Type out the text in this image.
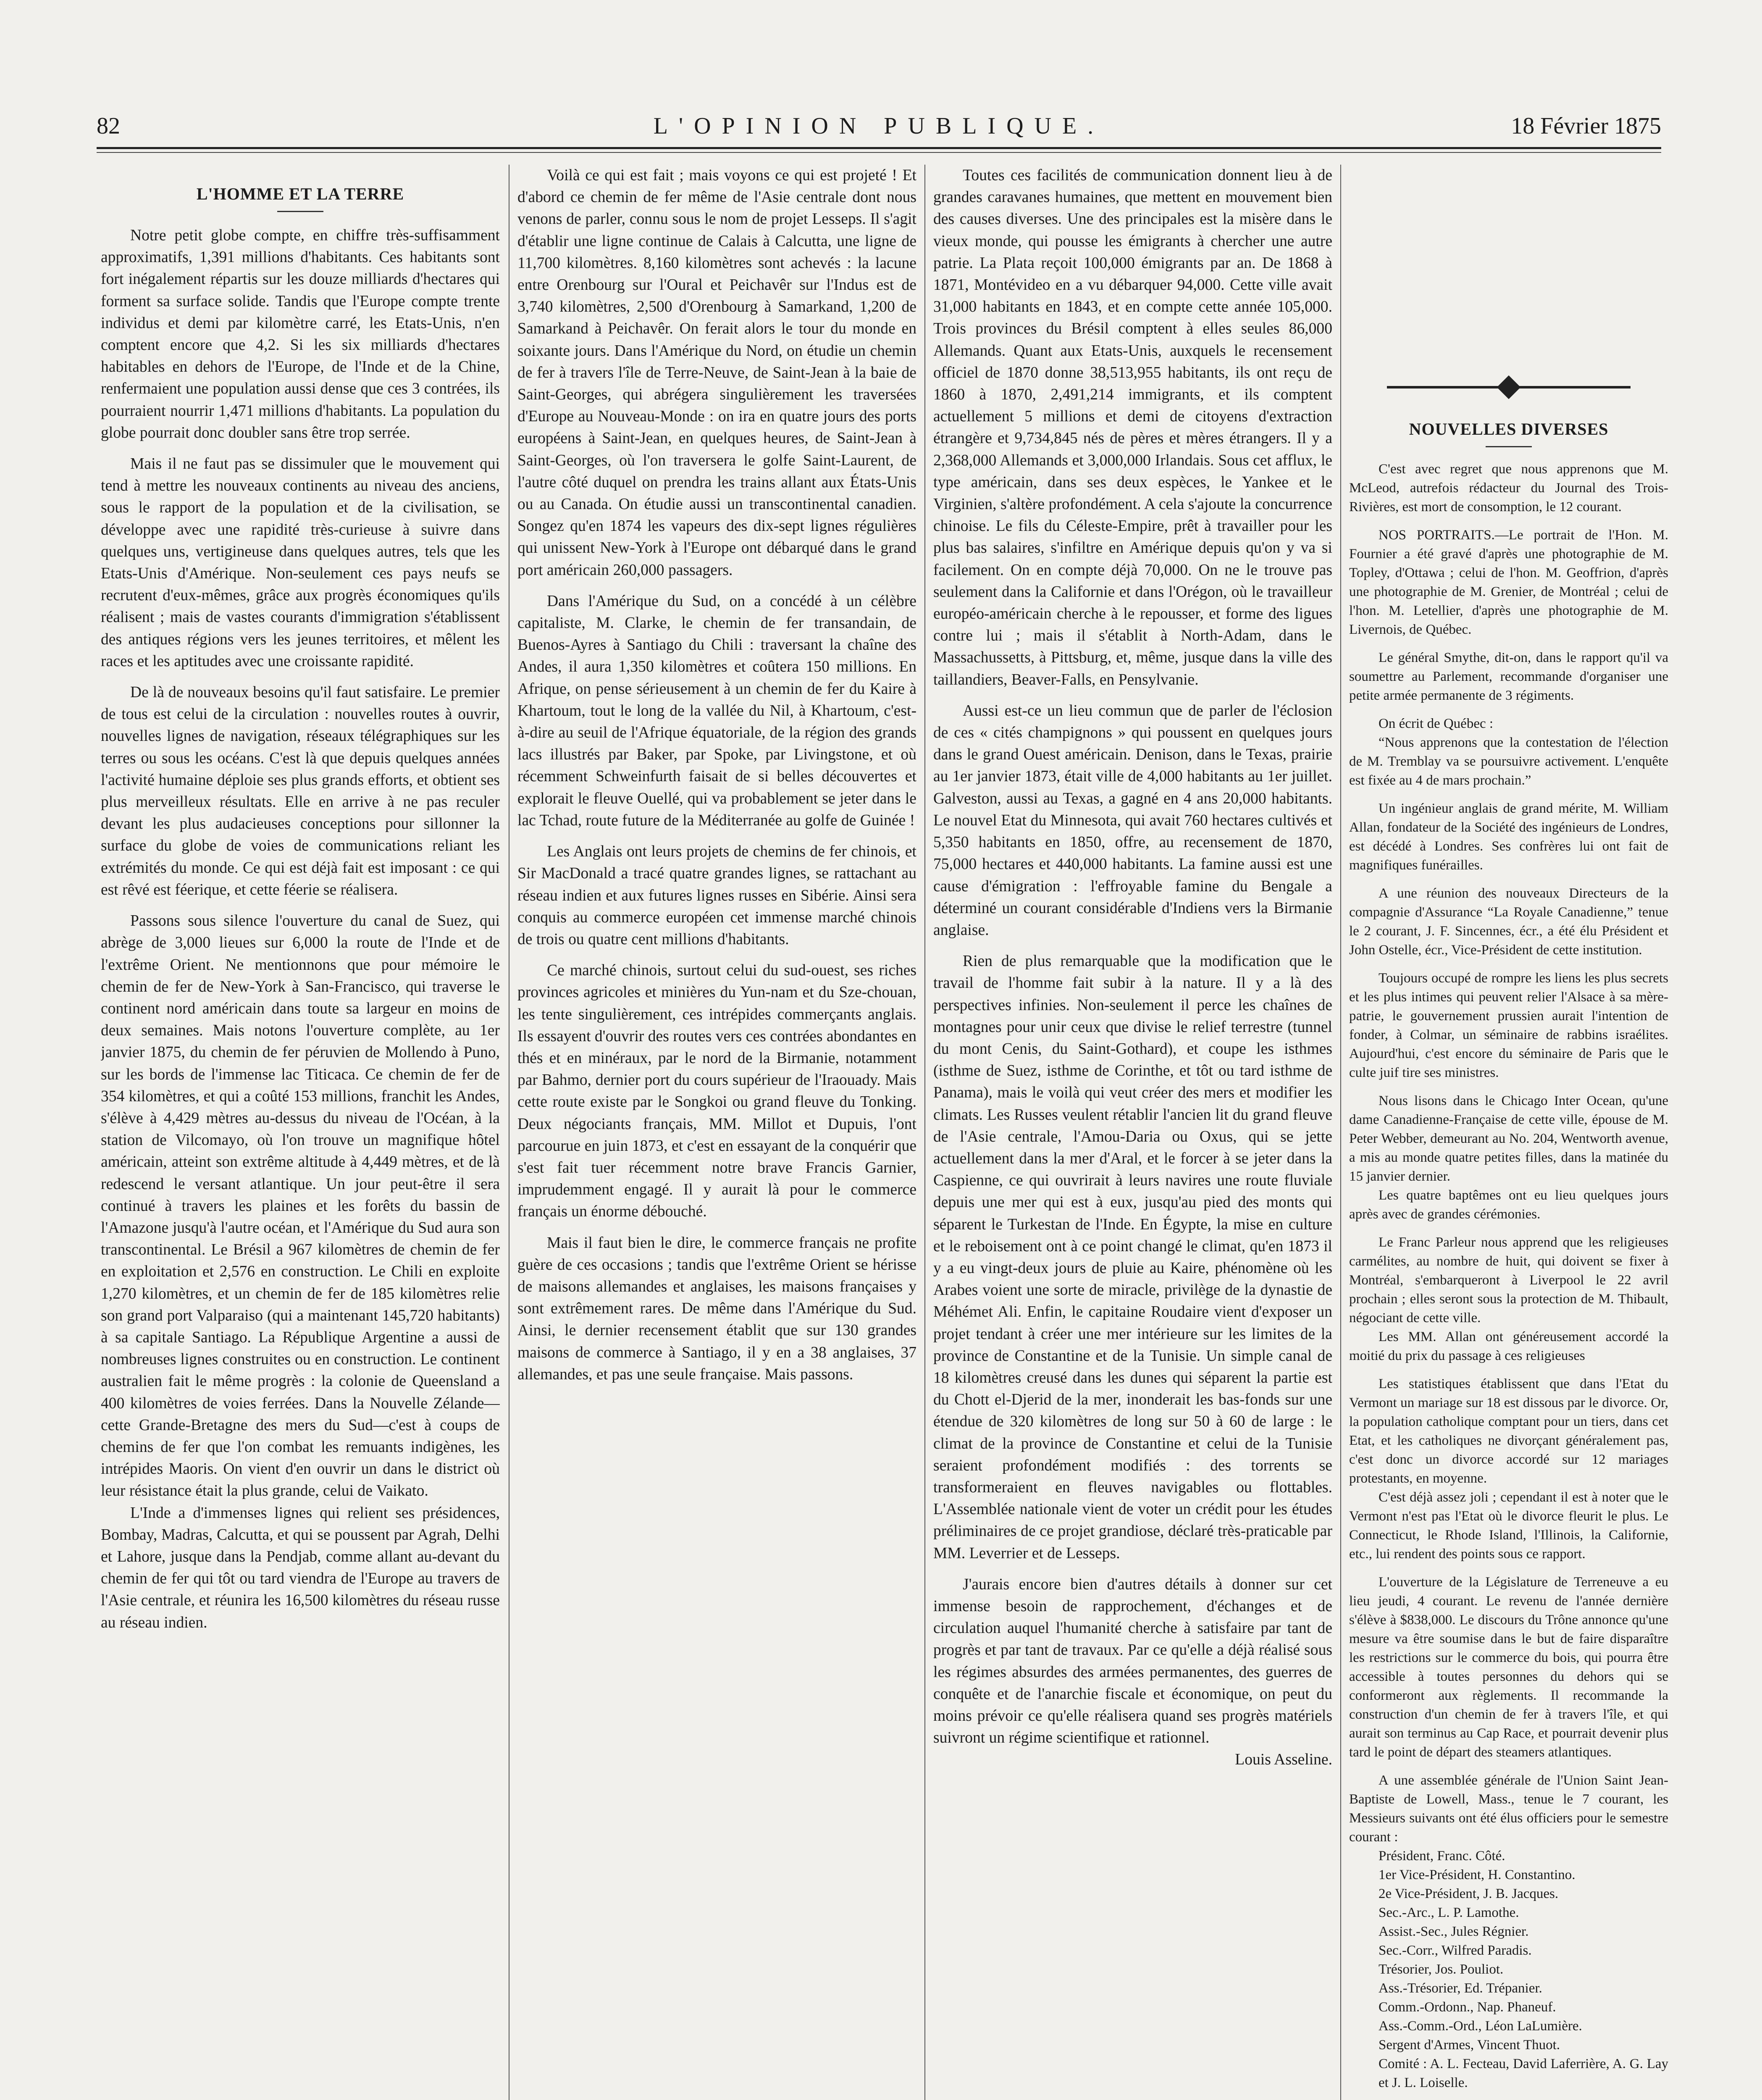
82	L'OPINION PUBLIQUE.	18 Février 1875
L'HOMME ET LA TERRE

Notre petit globe compte, en chiffre très-suffisamment approximatifs, 1,391 millions d'habitants. Ces habitants sont fort inégalement répartis sur les douze milliards d'hectares qui forment sa surface solide. Tandis que l'Europe compte trente individus et demi par kilomètre carré, les Etats-Unis, n'en comptent encore que 4,2. Si les six milliards d'hectares habitables en dehors de l'Europe, de l'Inde et de la Chine, renfermaient une population aussi dense que ces 3 contrées, ils pourraient nourrir 1,471 millions d'habitants. La population du globe pourrait donc doubler sans être trop serrée.

Mais il ne faut pas se dissimuler que le mouvement qui tend à mettre les nouveaux continents au niveau des anciens, sous le rapport de la population et de la civilisation, se développe avec une rapidité très-curieuse à suivre dans quelques uns, vertigineuse dans quelques autres, tels que les Etats-Unis d'Amérique. Non-seulement ces pays neufs se recrutent d'eux-mêmes, grâce aux progrès économiques qu'ils réalisent ; mais de vastes courants d'immigration s'établissent des antiques régions vers les jeunes territoires, et mêlent les races et les aptitudes avec une croissante rapidité.

De là de nouveaux besoins qu'il faut satisfaire. Le premier de tous est celui de la circulation : nouvelles routes à ouvrir, nouvelles lignes de navigation, réseaux télégraphiques sur les terres ou sous les océans. C'est là que depuis quelques années l'activité humaine déploie ses plus grands efforts, et obtient ses plus merveilleux résultats. Elle en arrive à ne pas reculer devant les plus audacieuses conceptions pour sillonner la surface du globe de voies de communications reliant les extrémités du monde. Ce qui est déjà fait est imposant : ce qui est rêvé est féerique, et cette féerie se réalisera.

Passons sous silence l'ouverture du canal de Suez, qui abrège de 3,000 lieues sur 6,000 la route de l'Inde et de l'extrême Orient. Ne mentionnons que pour mémoire le chemin de fer de New-York à San-Francisco, qui traverse le continent nord américain dans toute sa largeur en moins de deux semaines. Mais notons l'ouverture complète, au 1er janvier 1875, du chemin de fer péruvien de Mollendo à Puno, sur les bords de l'immense lac Titicaca. Ce chemin de fer de 354 kilomètres, et qui a coûté 153 millions, franchit les Andes, s'élève à 4,429 mètres au-dessus du niveau de l'Océan, à la station de Vilcomayo, où l'on trouve un magnifique hôtel américain, atteint son extrême altitude à 4,449 mètres, et de là redescend le versant atlantique. Un jour peut-être il sera continué à travers les plaines et les forêts du bassin de l'Amazone jusqu'à l'autre océan, et l'Amérique du Sud aura son transcontinental. Le Brésil a 967 kilomètres de chemin de fer en exploitation et 2,576 en construction. Le Chili en exploite 1,270 kilomètres, et un chemin de fer de 185 kilomètres relie son grand port Valparaiso (qui a maintenant 145,720 habitants) à sa capitale Santiago. La République Argentine a aussi de nombreuses lignes construites ou en construction. Le continent australien fait le même progrès : la colonie de Queensland a 400 kilomètres de voies ferrées. Dans la Nouvelle Zélande—cette Grande-Bretagne des mers du Sud—c'est à coups de chemins de fer que l'on combat les remuants indigènes, les intrépides Maoris. On vient d'en ouvrir un dans le district où leur résistance était la plus grande, celui de Vaikato.

L'Inde a d'immenses lignes qui relient ses présidences, Bombay, Madras, Calcutta, et qui se poussent par Agrah, Delhi et Lahore, jusque dans la Pendjab, comme allant au-devant du chemin de fer qui tôt ou tard viendra de l'Europe au travers de l'Asie centrale, et réunira les 16,500 kilomètres du réseau russe au réseau indien.

Voilà ce qui est fait ; mais voyons ce qui est projeté ! Et d'abord ce chemin de fer même de l'Asie centrale dont nous venons de parler, connu sous le nom de projet Lesseps. Il s'agit d'établir une ligne continue de Calais à Calcutta, une ligne de 11,700 kilomètres. 8,160 kilomètres sont achevés : la lacune entre Orenbourg sur l'Oural et Peichavêr sur l'Indus est de 3,740 kilomètres, 2,500 d'Orenbourg à Samarkand, 1,200 de Samarkand à Peichavêr. On ferait alors le tour du monde en soixante jours. Dans l'Amérique du Nord, on étudie un chemin de fer à travers l'île de Terre-Neuve, de Saint-Jean à la baie de Saint-Georges, qui abrégera singulièrement les traversées d'Europe au Nouveau-Monde : on ira en quatre jours des ports européens à Saint-Jean, en quelques heures, de Saint-Jean à Saint-Georges, où l'on traversera le golfe Saint-Laurent, de l'autre côté duquel on prendra les trains allant aux États-Unis ou au Canada. On étudie aussi un transcontinental canadien. Songez qu'en 1874 les vapeurs des dix-sept lignes régulières qui unissent New-York à l'Europe ont débarqué dans le grand port américain 260,000 passagers.

Dans l'Amérique du Sud, on a concédé à un célèbre capitaliste, M. Clarke, le chemin de fer transandain, de Buenos-Ayres à Santiago du Chili : traversant la chaîne des Andes, il aura 1,350 kilomètres et coûtera 150 millions. En Afrique, on pense sérieusement à un chemin de fer du Kaire à Khartoum, tout le long de la vallée du Nil, à Khartoum, c'est-à-dire au seuil de l'Afrique équatoriale, de la région des grands lacs illustrés par Baker, par Spoke, par Livingstone, et où récemment Schweinfurth faisait de si belles découvertes et explorait le fleuve Ouellé, qui va probablement se jeter dans le lac Tchad, route future de la Méditerranée au golfe de Guinée !

Les Anglais ont leurs projets de chemins de fer chinois, et Sir MacDonald a tracé quatre grandes lignes, se rattachant au réseau indien et aux futures lignes russes en Sibérie. Ainsi sera conquis au commerce européen cet immense marché chinois de trois ou quatre cent millions d'habitants.

Ce marché chinois, surtout celui du sud-ouest, ses riches provinces agricoles et minières du Yun-nam et du Sze-chouan, les tente singulièrement, ces intrépides commerçants anglais. Ils essayent d'ouvrir des routes vers ces contrées abondantes en thés et en minéraux, par le nord de la Birmanie, notamment par Bahmo, dernier port du cours supérieur de l'Iraouady. Mais cette route existe par le Songkoi ou grand fleuve du Tonking. Deux négociants français, MM. Millot et Dupuis, l'ont parcourue en juin 1873, et c'est en essayant de la conquérir que s'est fait tuer récemment notre brave Francis Garnier, imprudemment engagé. Il y aurait là pour le commerce français un énorme débouché.

Mais il faut bien le dire, le commerce français ne profite guère de ces occasions ; tandis que l'extrême Orient se hérisse de maisons allemandes et anglaises, les maisons françaises y sont extrêmement rares. De même dans l'Amérique du Sud. Ainsi, le dernier recensement établit que sur 130 grandes maisons de commerce à Santiago, il y en a 38 anglaises, 37 allemandes, et pas une seule française. Mais passons.

Toutes ces facilités de communication donnent lieu à de grandes caravanes humaines, que mettent en mouvement bien des causes diverses. Une des principales est la misère dans le vieux monde, qui pousse les émigrants à chercher une autre patrie. La Plata reçoit 100,000 émigrants par an. De 1868 à 1871, Montévideo en a vu débarquer 94,000. Cette ville avait 31,000 habitants en 1843, et en compte cette année 105,000. Trois provinces du Brésil comptent à elles seules 86,000 Allemands. Quant aux Etats-Unis, auxquels le recensement officiel de 1870 donne 38,513,955 habitants, ils ont reçu de 1860 à 1870, 2,491,214 immigrants, et ils comptent actuellement 5 millions et demi de citoyens d'extraction étrangère et 9,734,845 nés de pères et mères étrangers. Il y a 2,368,000 Allemands et 3,000,000 Irlandais. Sous cet afflux, le type américain, dans ses deux espèces, le Yankee et le Virginien, s'altère profondément. A cela s'ajoute la concurrence chinoise. Le fils du Céleste-Empire, prêt à travailler pour les plus bas salaires, s'infiltre en Amérique depuis qu'on y va si facilement. On en compte déjà 70,000. On ne le trouve pas seulement dans la Californie et dans l'Orégon, où le travailleur européo-américain cherche à le repousser, et forme des ligues contre lui ; mais il s'établit à North-Adam, dans le Massachussetts, à Pittsburg, et, même, jusque dans la ville des taillandiers, Beaver-Falls, en Pensylvanie.

Aussi est-ce un lieu commun que de parler de l'éclosion de ces « cités champignons » qui poussent en quelques jours dans le grand Ouest américain. Denison, dans le Texas, prairie au 1er janvier 1873, était ville de 4,000 habitants au 1er juillet. Galveston, aussi au Texas, a gagné en 4 ans 20,000 habitants. Le nouvel Etat du Minnesota, qui avait 760 hectares cultivés et 5,350 habitants en 1850, offre, au recensement de 1870, 75,000 hectares et 440,000 habitants. La famine aussi est une cause d'émigration : l'effroyable famine du Bengale a déterminé un courant considérable d'Indiens vers la Birmanie anglaise.

Rien de plus remarquable que la modification que le travail de l'homme fait subir à la nature. Il y a là des perspectives infinies. Non-seulement il perce les chaînes de montagnes pour unir ceux que divise le relief terrestre (tunnel du mont Cenis, du Saint-Gothard), et coupe les isthmes (isthme de Suez, isthme de Corinthe, et tôt ou tard isthme de Panama), mais le voilà qui veut créer des mers et modifier les climats. Les Russes veulent rétablir l'ancien lit du grand fleuve de l'Asie centrale, l'Amou-Daria ou Oxus, qui se jette actuellement dans la mer d'Aral, et le forcer à se jeter dans la Caspienne, ce qui ouvrirait à leurs navires une route fluviale depuis une mer qui est à eux, jusqu'au pied des monts qui séparent le Turkestan de l'Inde. En Égypte, la mise en culture et le reboisement ont à ce point changé le climat, qu'en 1873 il y a eu vingt-deux jours de pluie au Kaire, phénomène où les Arabes voient une sorte de miracle, privilège de la dynastie de Méhémet Ali. Enfin, le capitaine Roudaire vient d'exposer un projet tendant à créer une mer intérieure sur les limites de la province de Constantine et de la Tunisie. Un simple canal de 18 kilomètres creusé dans les dunes qui séparent la partie est du Chott el-Djerid de la mer, inonderait les bas-fonds sur une étendue de 320 kilomètres de long sur 50 à 60 de large : le climat de la province de Constantine et celui de la Tunisie seraient profondément modifiés : des torrents se transformeraient en fleuves navigables ou flottables. L'Assemblée nationale vient de voter un crédit pour les études préliminaires de ce projet grandiose, déclaré très-praticable par MM. Leverrier et de Lesseps.

J'aurais encore bien d'autres détails à donner sur cet immense besoin de rapprochement, d'échanges et de circulation auquel l'humanité cherche à satisfaire par tant de progrès et par tant de travaux. Par ce qu'elle a déjà réalisé sous les régimes absurdes des armées permanentes, des guerres de conquête et de l'anarchie fiscale et économique, on peut du moins prévoir ce qu'elle réalisera quand ses progrès matériels suivront un régime scientifique et rationnel.

Louis Asseline.

NOUVELLES DIVERSES

C'est avec regret que nous apprenons que M. McLeod, autrefois rédacteur du Journal des Trois-Rivières, est mort de consomption, le 12 courant.

NOS PORTRAITS.—Le portrait de l'Hon. M. Fournier a été gravé d'après une photographie de M. Topley, d'Ottawa ; celui de l'hon. M. Geoffrion, d'après une photographie de M. Grenier, de Montréal ; celui de l'hon. M. Letellier, d'après une photographie de M. Livernois, de Québec.

Le général Smythe, dit-on, dans le rapport qu'il va soumettre au Parlement, recommande d'organiser une petite armée permanente de 3 régiments.

On écrit de Québec :

“Nous apprenons que la contestation de l'élection de M. Tremblay va se poursuivre activement. L'enquête est fixée au 4 de mars prochain.”

Un ingénieur anglais de grand mérite, M. William Allan, fondateur de la Société des ingénieurs de Londres, est décédé à Londres. Ses confrères lui ont fait de magnifiques funérailles.

A une réunion des nouveaux Directeurs de la compagnie d'Assurance “La Royale Canadienne,” tenue le 2 courant, J. F. Sincennes, écr., a été élu Président et John Ostelle, écr., Vice-Président de cette institution.

Toujours occupé de rompre les liens les plus secrets et les plus intimes qui peuvent relier l'Alsace à sa mère-patrie, le gouvernement prussien aurait l'intention de fonder, à Colmar, un séminaire de rabbins israélites. Aujourd'hui, c'est encore du séminaire de Paris que le culte juif tire ses ministres.

Nous lisons dans le Chicago Inter Ocean, qu'une dame Canadienne-Française de cette ville, épouse de M. Peter Webber, demeurant au No. 204, Wentworth avenue, a mis au monde quatre petites filles, dans la matinée du 15 janvier dernier.

Les quatre baptêmes ont eu lieu quelques jours après avec de grandes cérémonies.

Le Franc Parleur nous apprend que les religieuses carmélites, au nombre de huit, qui doivent se fixer à Montréal, s'embarqueront à Liverpool le 22 avril prochain ; elles seront sous la protection de M. Thibault, négociant de cette ville.

Les MM. Allan ont généreusement accordé la moitié du prix du passage à ces religieuses

Les statistiques établissent que dans l'Etat du Vermont un mariage sur 18 est dissous par le divorce. Or, la population catholique comptant pour un tiers, dans cet Etat, et les catholiques ne divorçant généralement pas, c'est donc un divorce accordé sur 12 mariages protestants, en moyenne.

C'est déjà assez joli ; cependant il est à noter que le Vermont n'est pas l'Etat où le divorce fleurit le plus. Le Connecticut, le Rhode Island, l'Illinois, la Californie, etc., lui rendent des points sous ce rapport.

L'ouverture de la Législature de Terreneuve a eu lieu jeudi, 4 courant. Le revenu de l'année dernière s'élève à $838,000. Le discours du Trône annonce qu'une mesure va être soumise dans le but de faire disparaître les restrictions sur le commerce du bois, qui pourra être accessible à toutes personnes du dehors qui se conformeront aux règlements. Il recommande la construction d'un chemin de fer à travers l'île, et qui aurait son terminus au Cap Race, et pourrait devenir plus tard le point de départ des steamers atlantiques.

A une assemblée générale de l'Union Saint Jean-Baptiste de Lowell, Mass., tenue le 7 courant, les Messieurs suivants ont été élus officiers pour le semestre courant :

Président, Franc. Côté.
1er Vice-Président, H. Constantino.
2e Vice-Président, J. B. Jacques.
Sec.-Arc., L. P. Lamothe.
Assist.-Sec., Jules Régnier.
Sec.-Corr., Wilfred Paradis.
Trésorier, Jos. Pouliot.
Ass.-Trésorier, Ed. Trépanier.
Comm.-Ordonn., Nap. Phaneuf.
Ass.-Comm.-Ord., Léon LaLumière.
Sergent d'Armes, Vincent Thuot.
Comité : A. L. Fecteau, David Laferrière, A. G. Lay et J. L. Loiselle.
